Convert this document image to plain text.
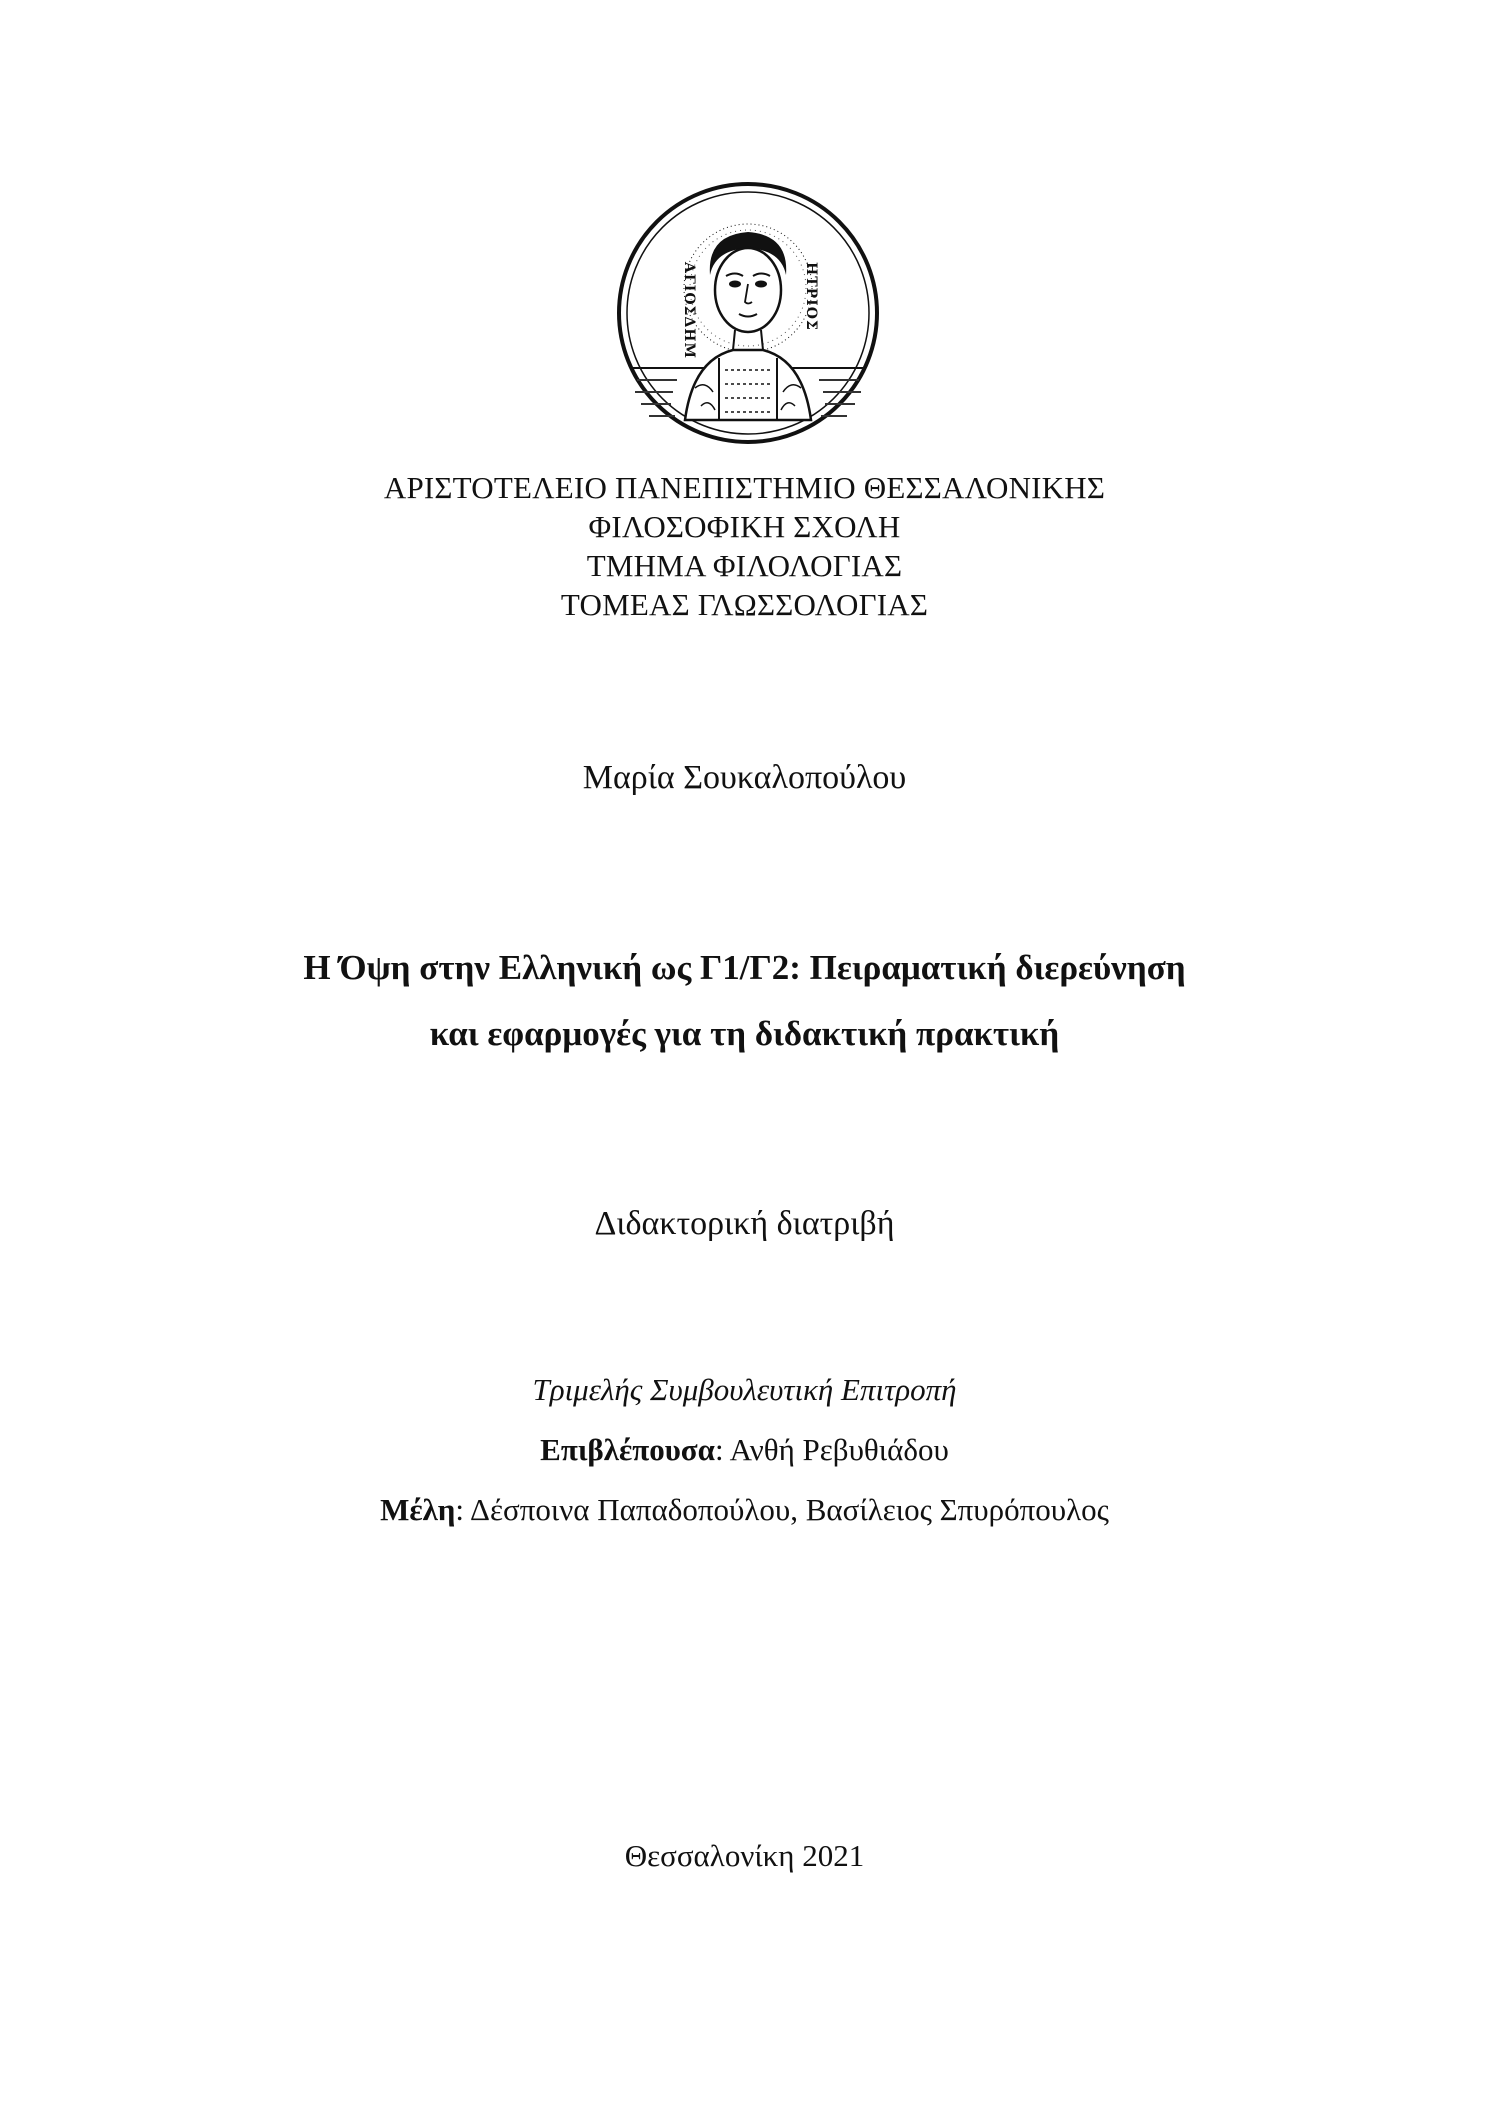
ΑΓΙΟΣΔΗΜ	ΗΤΡΙΟΣ
ΑΡΙΣΤΟΤΕΛΕΙΟ ΠΑΝΕΠΙΣΤΗΜΙΟ ΘΕΣΣΑΛΟΝΙΚΗΣ
ΦΙΛΟΣΟΦΙΚΗ ΣΧΟΛΗ
ΤΜΗΜΑ ΦΙΛΟΛΟΓΙΑΣ
ΤΟΜΕΑΣ ΓΛΩΣΣΟΛΟΓΙΑΣ
Μαρία Σουκαλοπούλου
Η Όψη στην Ελληνική ως Γ1/Γ2: Πειραματική διερεύνηση
και εφαρμογές για τη διδακτική πρακτική
Διδακτορική διατριβή
Τριμελής Συμβουλευτική Επιτροπή
Επιβλέπουσα: Ανθή Ρεβυθιάδου
Μέλη: Δέσποινα Παπαδοπούλου, Βασίλειος Σπυρόπουλος
Θεσσαλονίκη 2021
